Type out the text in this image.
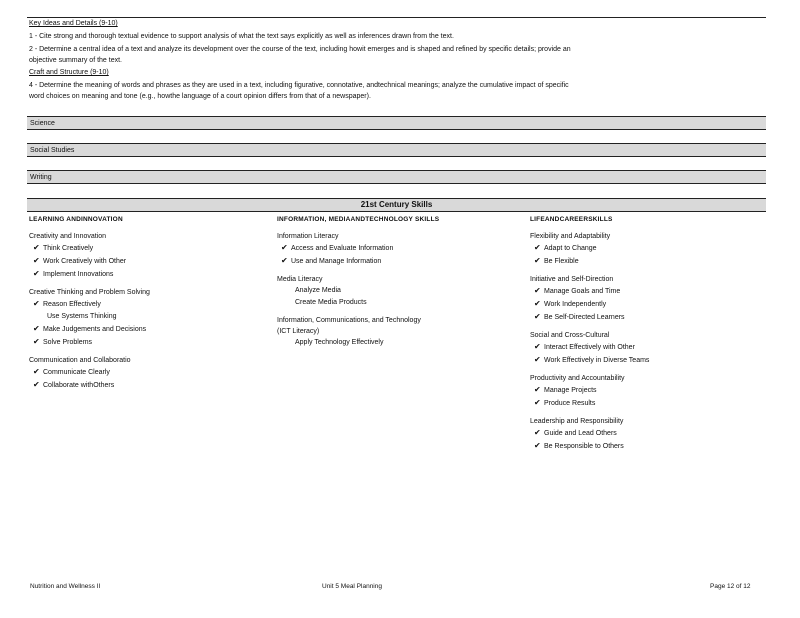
Key Ideas and Details (9-10)
1 - Cite strong and thorough textual evidence to support analysis of what the text says explicitly as well as inferences drawn from the text.
2 - Determine a central idea of a text and analyze its development over the course of the text, including howit emerges and is shaped and refined by specific details; provide an
objective summary of the text.
Craft and Structure (9-10)
4 - Determine the meaning of words and phrases as they are used in a text, including figurative, connotative, andtechnical meanings; analyze the cumulative impact of specific
word choices on meaning and tone (e.g., howthe language of a court opinion differs from that of a newspaper).
Science
Social Studies
Writing
21st Century Skills
LEARNING ANDINNOVATION
Creativity and Innovation
✔ Think Creatively
✔ Work Creatively with Other
✔ Implement Innovations
Creative Thinking and Problem Solving
✔ Reason Effectively
Use Systems Thinking
✔ Make Judgements and Decisions
✔ Solve Problems
Communication and Collaboratio
✔ Communicate Clearly
✔ Collaborate withOthers
INFORMATION, MEDIAANDTECHNOLOGY SKILLS
Information Literacy
✔ Access and Evaluate Information
✔ Use and Manage Information
Media Literacy
Analyze Media
Create Media Products
Information, Communications, and Technology
(ICT Literacy)
Apply Technology Effectively
LIFEANDCAREERSKILLS
Flexibility and Adaptability
✔ Adapt to Change
✔ Be Flexible
Initiative and Self-Direction
✔ Manage Goals and Time
✔ Work Independently
✔ Be Self-Directed Learners
Social and Cross-Cultural
✔ Interact Effectively with Other
✔ Work Effectively in Diverse Teams
Productivity and Accountability
✔ Manage Projects
✔ Produce Results
Leadership and Responsibility
✔ Guide and Lead Others
✔ Be Responsible to Others
Nutrition and Wellness II	Unit 5 Meal Planning	Page 12 of 12
